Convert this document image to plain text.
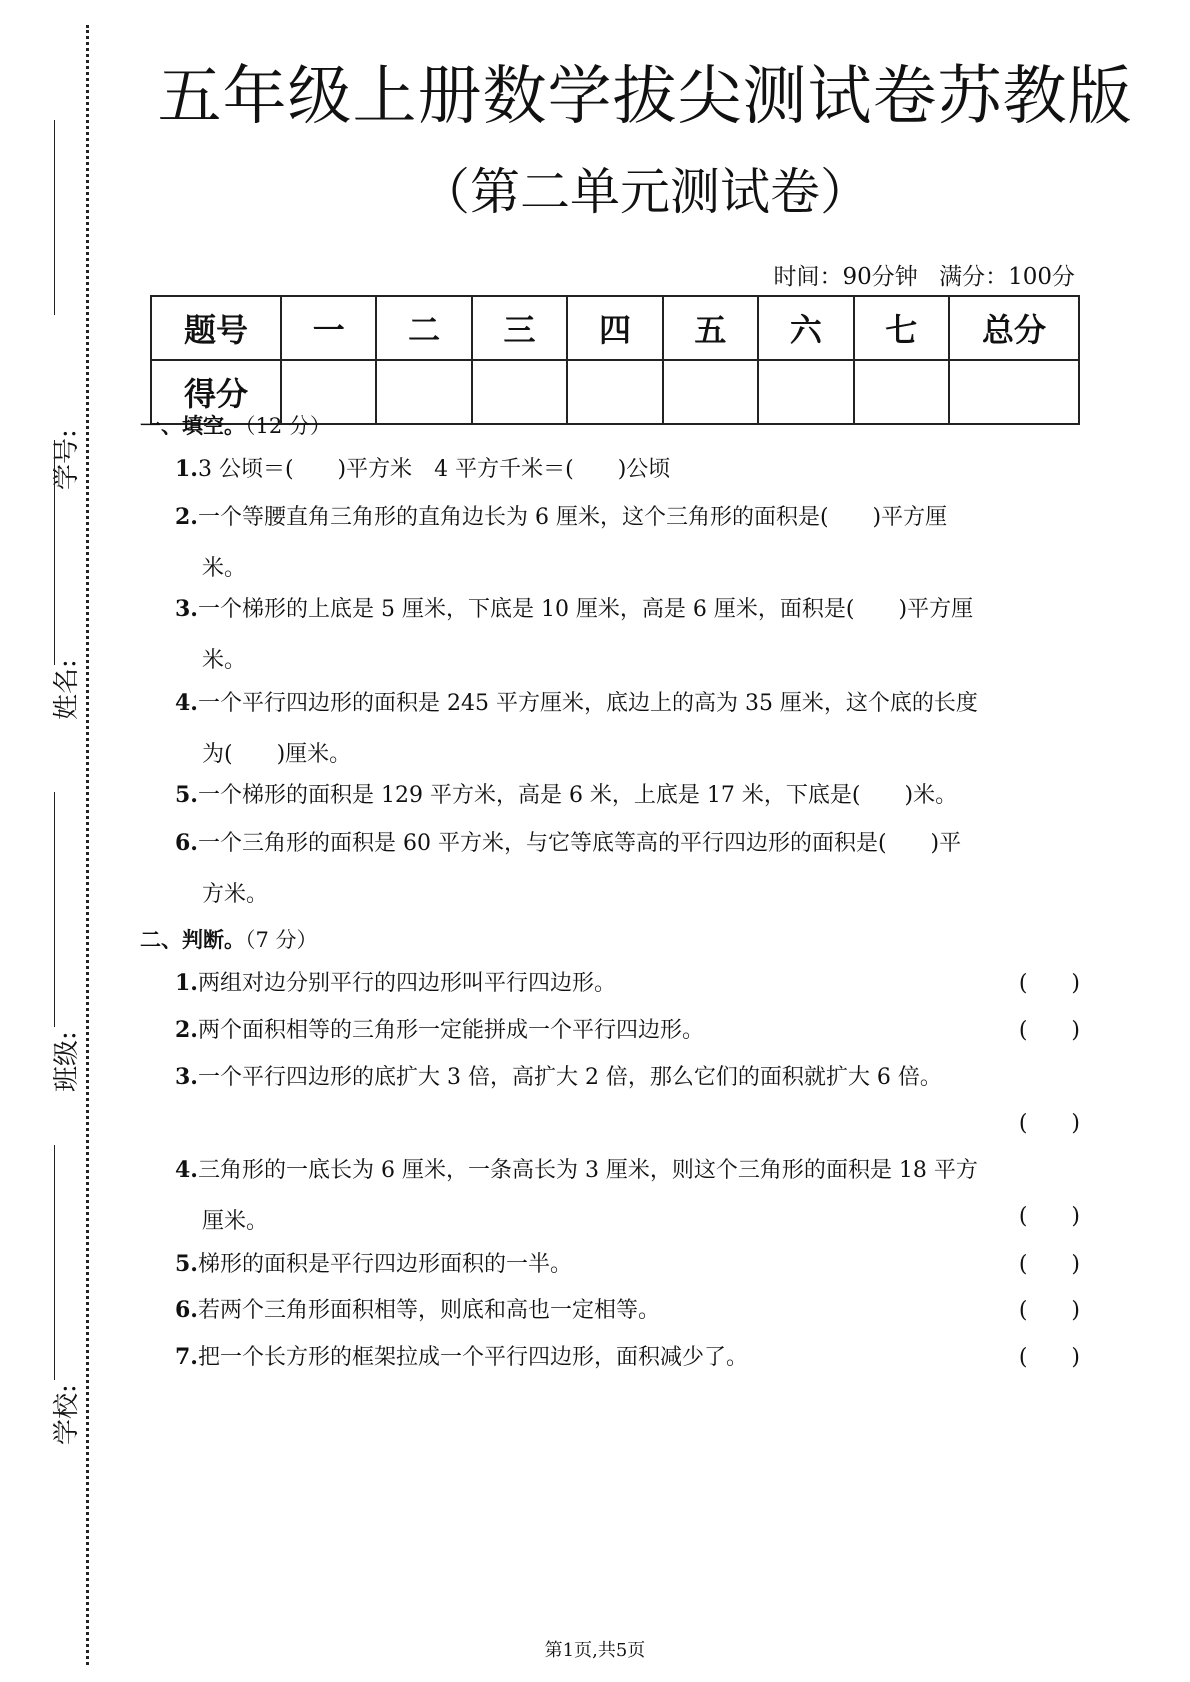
学号:
姓名:
班级:
学校:
五年级上册数学拔尖测试卷苏教版
（第二单元测试卷）
时间：90分钟 满分：100分
题号	一	二	三	四	五	六	七	总分
得分								
一、填空。（12 分）
1.3 公顷＝(　　)平方米　4 平方千米＝(　　)公顷
2.一个等腰直角三角形的直角边长为 6 厘米，这个三角形的面积是(　　)平方厘
米。
3.一个梯形的上底是 5 厘米，下底是 10 厘米，高是 6 厘米，面积是(　　)平方厘
米。
4.一个平行四边形的面积是 245 平方厘米，底边上的高为 35 厘米，这个底的长度
为(　　)厘米。
5.一个梯形的面积是 129 平方米，高是 6 米，上底是 17 米，下底是(　　)米。
6.一个三角形的面积是 60 平方米，与它等底等高的平行四边形的面积是(　　)平
方米。
二、判断。（7 分）
1.两组对边分别平行的四边形叫平行四边形。	(　　)
2.两个面积相等的三角形一定能拼成一个平行四边形。	(　　)
3.一个平行四边形的底扩大 3 倍，高扩大 2 倍，那么它们的面积就扩大 6 倍。
(　　)
4.三角形的一底长为 6 厘米，一条高长为 3 厘米，则这个三角形的面积是 18 平方
厘米。	(　　)
5.梯形的面积是平行四边形面积的一半。	(　　)
6.若两个三角形面积相等，则底和高也一定相等。	(　　)
7.把一个长方形的框架拉成一个平行四边形，面积减少了。	(　　)
第1页,共5页
